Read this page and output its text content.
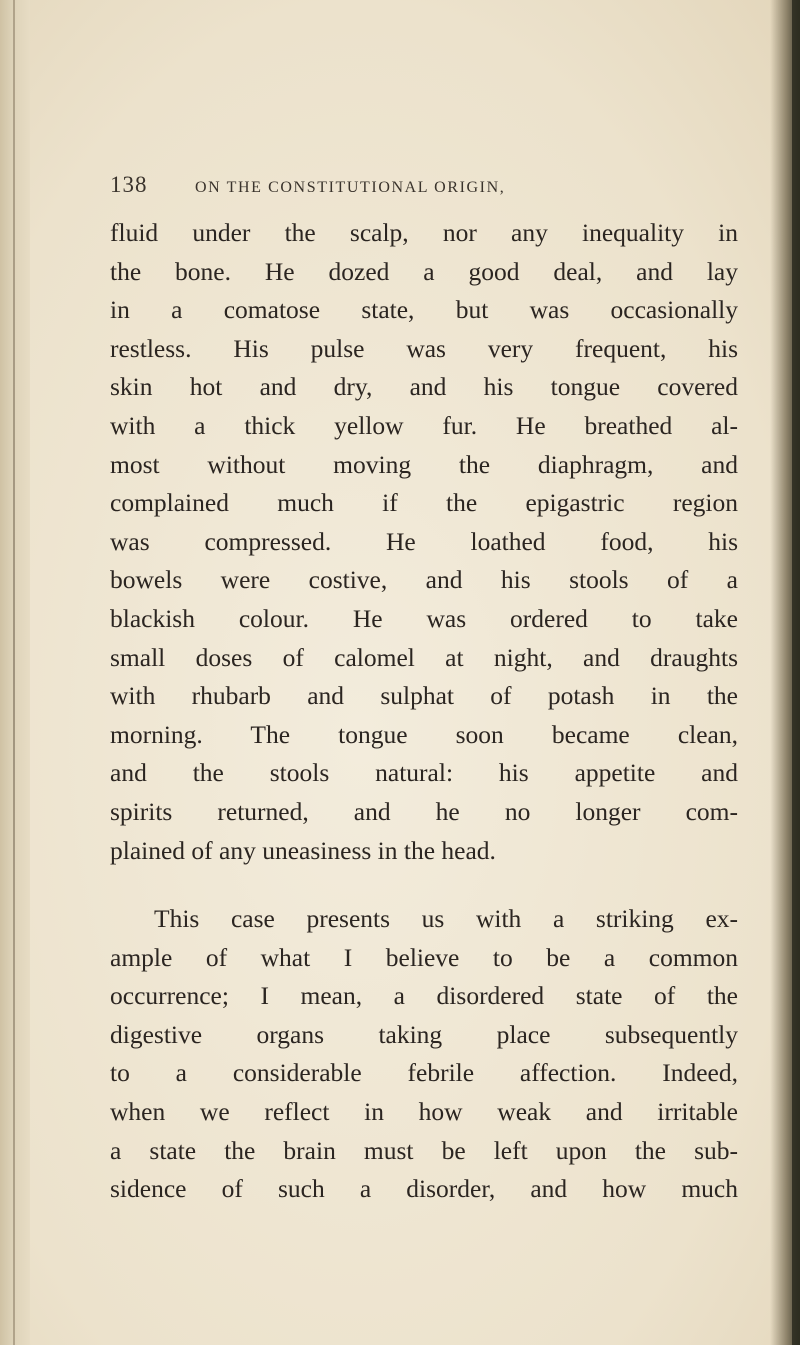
138	ON THE CONSTITUTIONAL ORIGIN,

fluid under the scalp, nor any inequality in
the bone. He dozed a good deal, and lay
in a comatose state, but was occasionally
restless. His pulse was very frequent, his
skin hot and dry, and his tongue covered
with a thick yellow fur. He breathed al-
most without moving the diaphragm, and
complained much if the epigastric region
was compressed. He loathed food, his
bowels were costive, and his stools of a
blackish colour. He was ordered to take
small doses of calomel at night, and draughts
with rhubarb and sulphat of potash in the
morning. The tongue soon became clean,
and the stools natural: his appetite and
spirits returned, and he no longer com-
plained of any uneasiness in the head.

This case presents us with a striking ex-
ample of what I believe to be a common
occurrence; I mean, a disordered state of the
digestive organs taking place subsequently
to a considerable febrile affection. Indeed,
when we reflect in how weak and irritable
a state the brain must be left upon the sub-
sidence of such a disorder, and how much
